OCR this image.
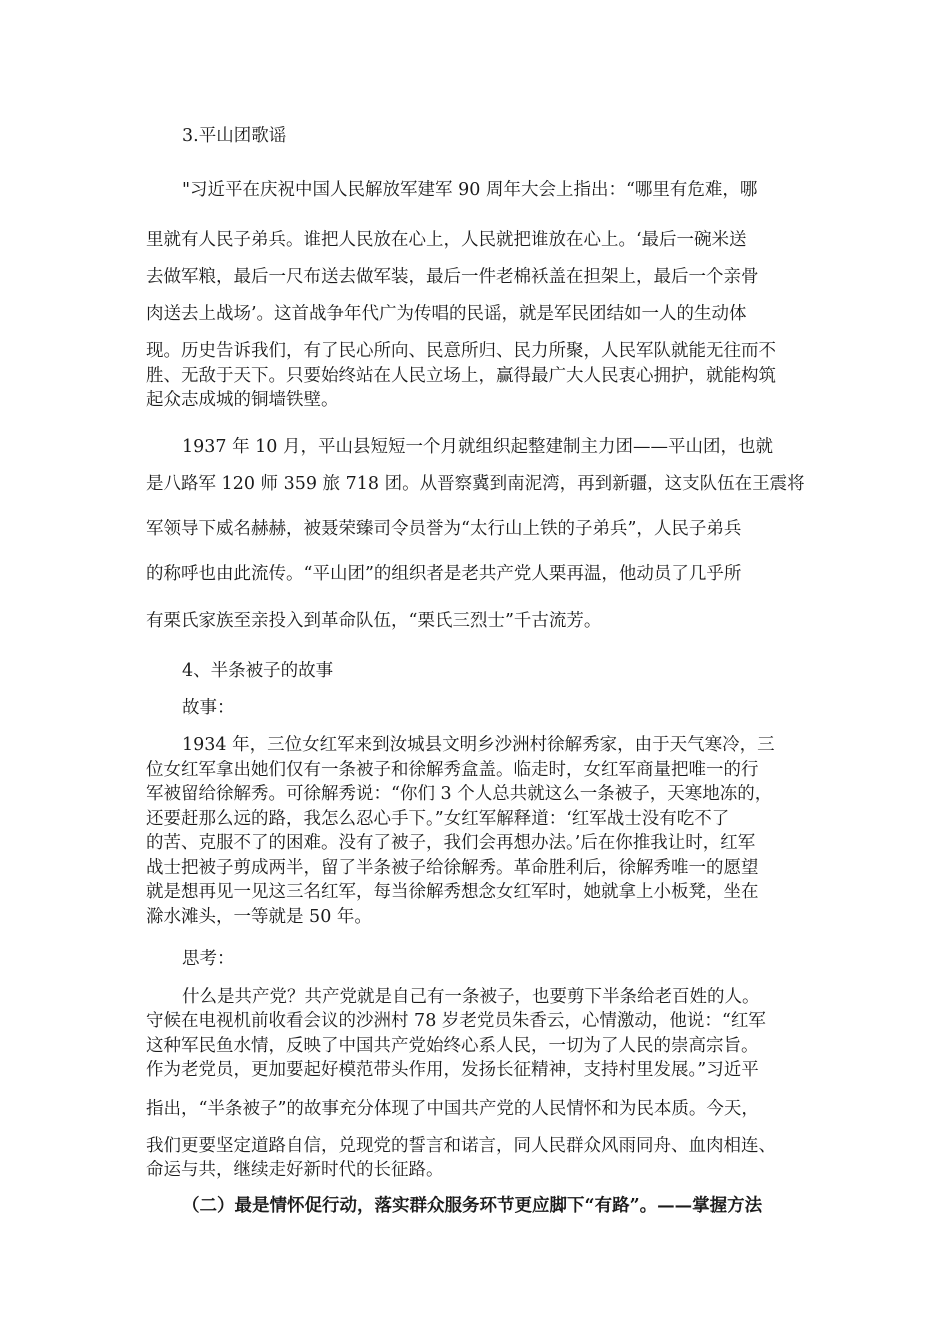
3.平山团歌谣
"习近平在庆祝中国人民解放军建军 90 周年大会上指出：“哪里有危难，哪
里就有人民子弟兵。谁把人民放在心上，人民就把谁放在心上。‘最后一碗米送
去做军粮，最后一尺布送去做军装，最后一件老棉袄盖在担架上，最后一个亲骨
肉送去上战场’。这首战争年代广为传唱的民谣，就是军民团结如一人的生动体
现。历史告诉我们，有了民心所向、民意所归、民力所聚，人民军队就能无往而不
胜、无敌于天下。只要始终站在人民立场上，赢得最广大人民衷心拥护，就能构筑
起众志成城的铜墙铁壁。
1937 年 10 月，平山县短短一个月就组织起整建制主力团——平山团，也就
是八路军 120 师 359 旅 718 团。从晋察冀到南泥湾，再到新疆，这支队伍在王震将
军领导下威名赫赫，被聂荣臻司令员誉为“太行山上铁的子弟兵”，人民子弟兵
的称呼也由此流传。“平山团”的组织者是老共产党人栗再温，他动员了几乎所
有栗氏家族至亲投入到革命队伍，“栗氏三烈士”千古流芳。
4、半条被子的故事
故事：
1934 年，三位女红军来到汝城县文明乡沙洲村徐解秀家，由于天气寒冷，三
位女红军拿出她们仅有一条被子和徐解秀盒盖。临走时，女红军商量把唯一的行
军被留给徐解秀。可徐解秀说：“你们 3 个人总共就这么一条被子，天寒地冻的，
还要赶那么远的路，我怎么忍心手下。”女红军解释道：‘红军战士没有吃不了
的苦、克服不了的困难。没有了被子，我们会再想办法。’后在你推我让时，红军
战士把被子剪成两半，留了半条被子给徐解秀。革命胜利后，徐解秀唯一的愿望
就是想再见一见这三名红军，每当徐解秀想念女红军时，她就拿上小板凳，坐在
滁水滩头，一等就是 50 年。
思考：
什么是共产党？共产党就是自己有一条被子，也要剪下半条给老百姓的人。
守候在电视机前收看会议的沙洲村 78 岁老党员朱香云，心情激动，他说：“红军
这种军民鱼水情，反映了中国共产党始终心系人民，一切为了人民的崇高宗旨。
作为老党员，更加要起好模范带头作用，发扬长征精神，支持村里发展。”习近平
指出，“半条被子”的故事充分体现了中国共产党的人民情怀和为民本质。今天，
我们更要坚定道路自信，兑现党的誓言和诺言，同人民群众风雨同舟、血肉相连、
命运与共，继续走好新时代的长征路。
（二）最是情怀促行动，落实群众服务环节更应脚下“有路”。——掌握方法
